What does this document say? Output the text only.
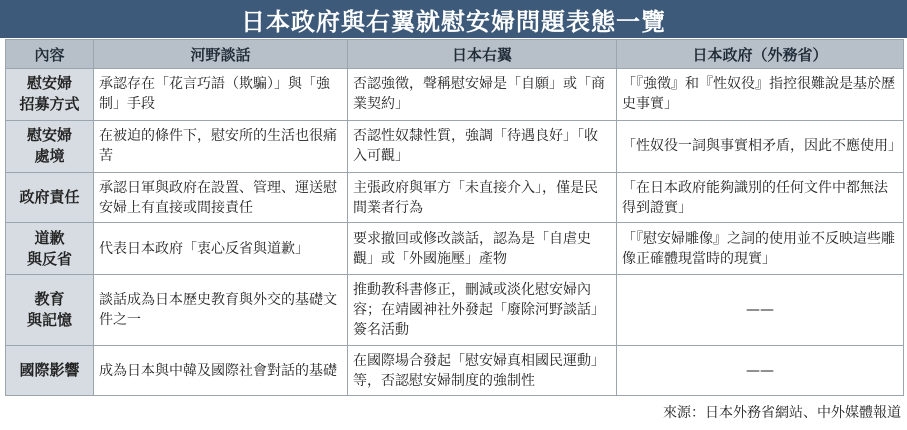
日本政府與右翼就慰安婦問題表態一覽
內容	河野談話	日本右翼	日本政府（外務省）
慰安婦
招募方式	承認存在「花言巧語（欺騙）」與「強制」手段	否認強徵，聲稱慰安婦是「自願」或「商業契約」	「『強徵』和『性奴役』指控很難說是基於歷史事實」
慰安婦
處境	在被迫的條件下，慰安所的生活也很痛苦	否認性奴隸性質，強調「待遇良好」「收入可觀」	「性奴役一詞與事實相矛盾，因此不應使用」
政府責任	承認日軍與政府在設置、管理、運送慰安婦上有直接或間接責任	主張政府與軍方「未直接介入」，僅是民間業者行為	「在日本政府能夠識別的任何文件中都無法得到證實」
道歉
與反省	代表日本政府「衷心反省與道歉」	要求撤回或修改談話，認為是「自虐史觀」或「外國施壓」產物	「『慰安婦雕像』之詞的使用並不反映這些雕像正確體現當時的現實」
教育
與記憶	談話成為日本歷史教育與外交的基礎文件之一	推動教科書修正，刪減或淡化慰安婦內容；在靖國神社外發起「廢除河野談話」簽名活動	——
國際影響	成為日本與中韓及國際社會對話的基礎	在國際場合發起「慰安婦真相國民運動」等，否認慰安婦制度的強制性	——
來源：日本外務省網站、中外媒體報道
